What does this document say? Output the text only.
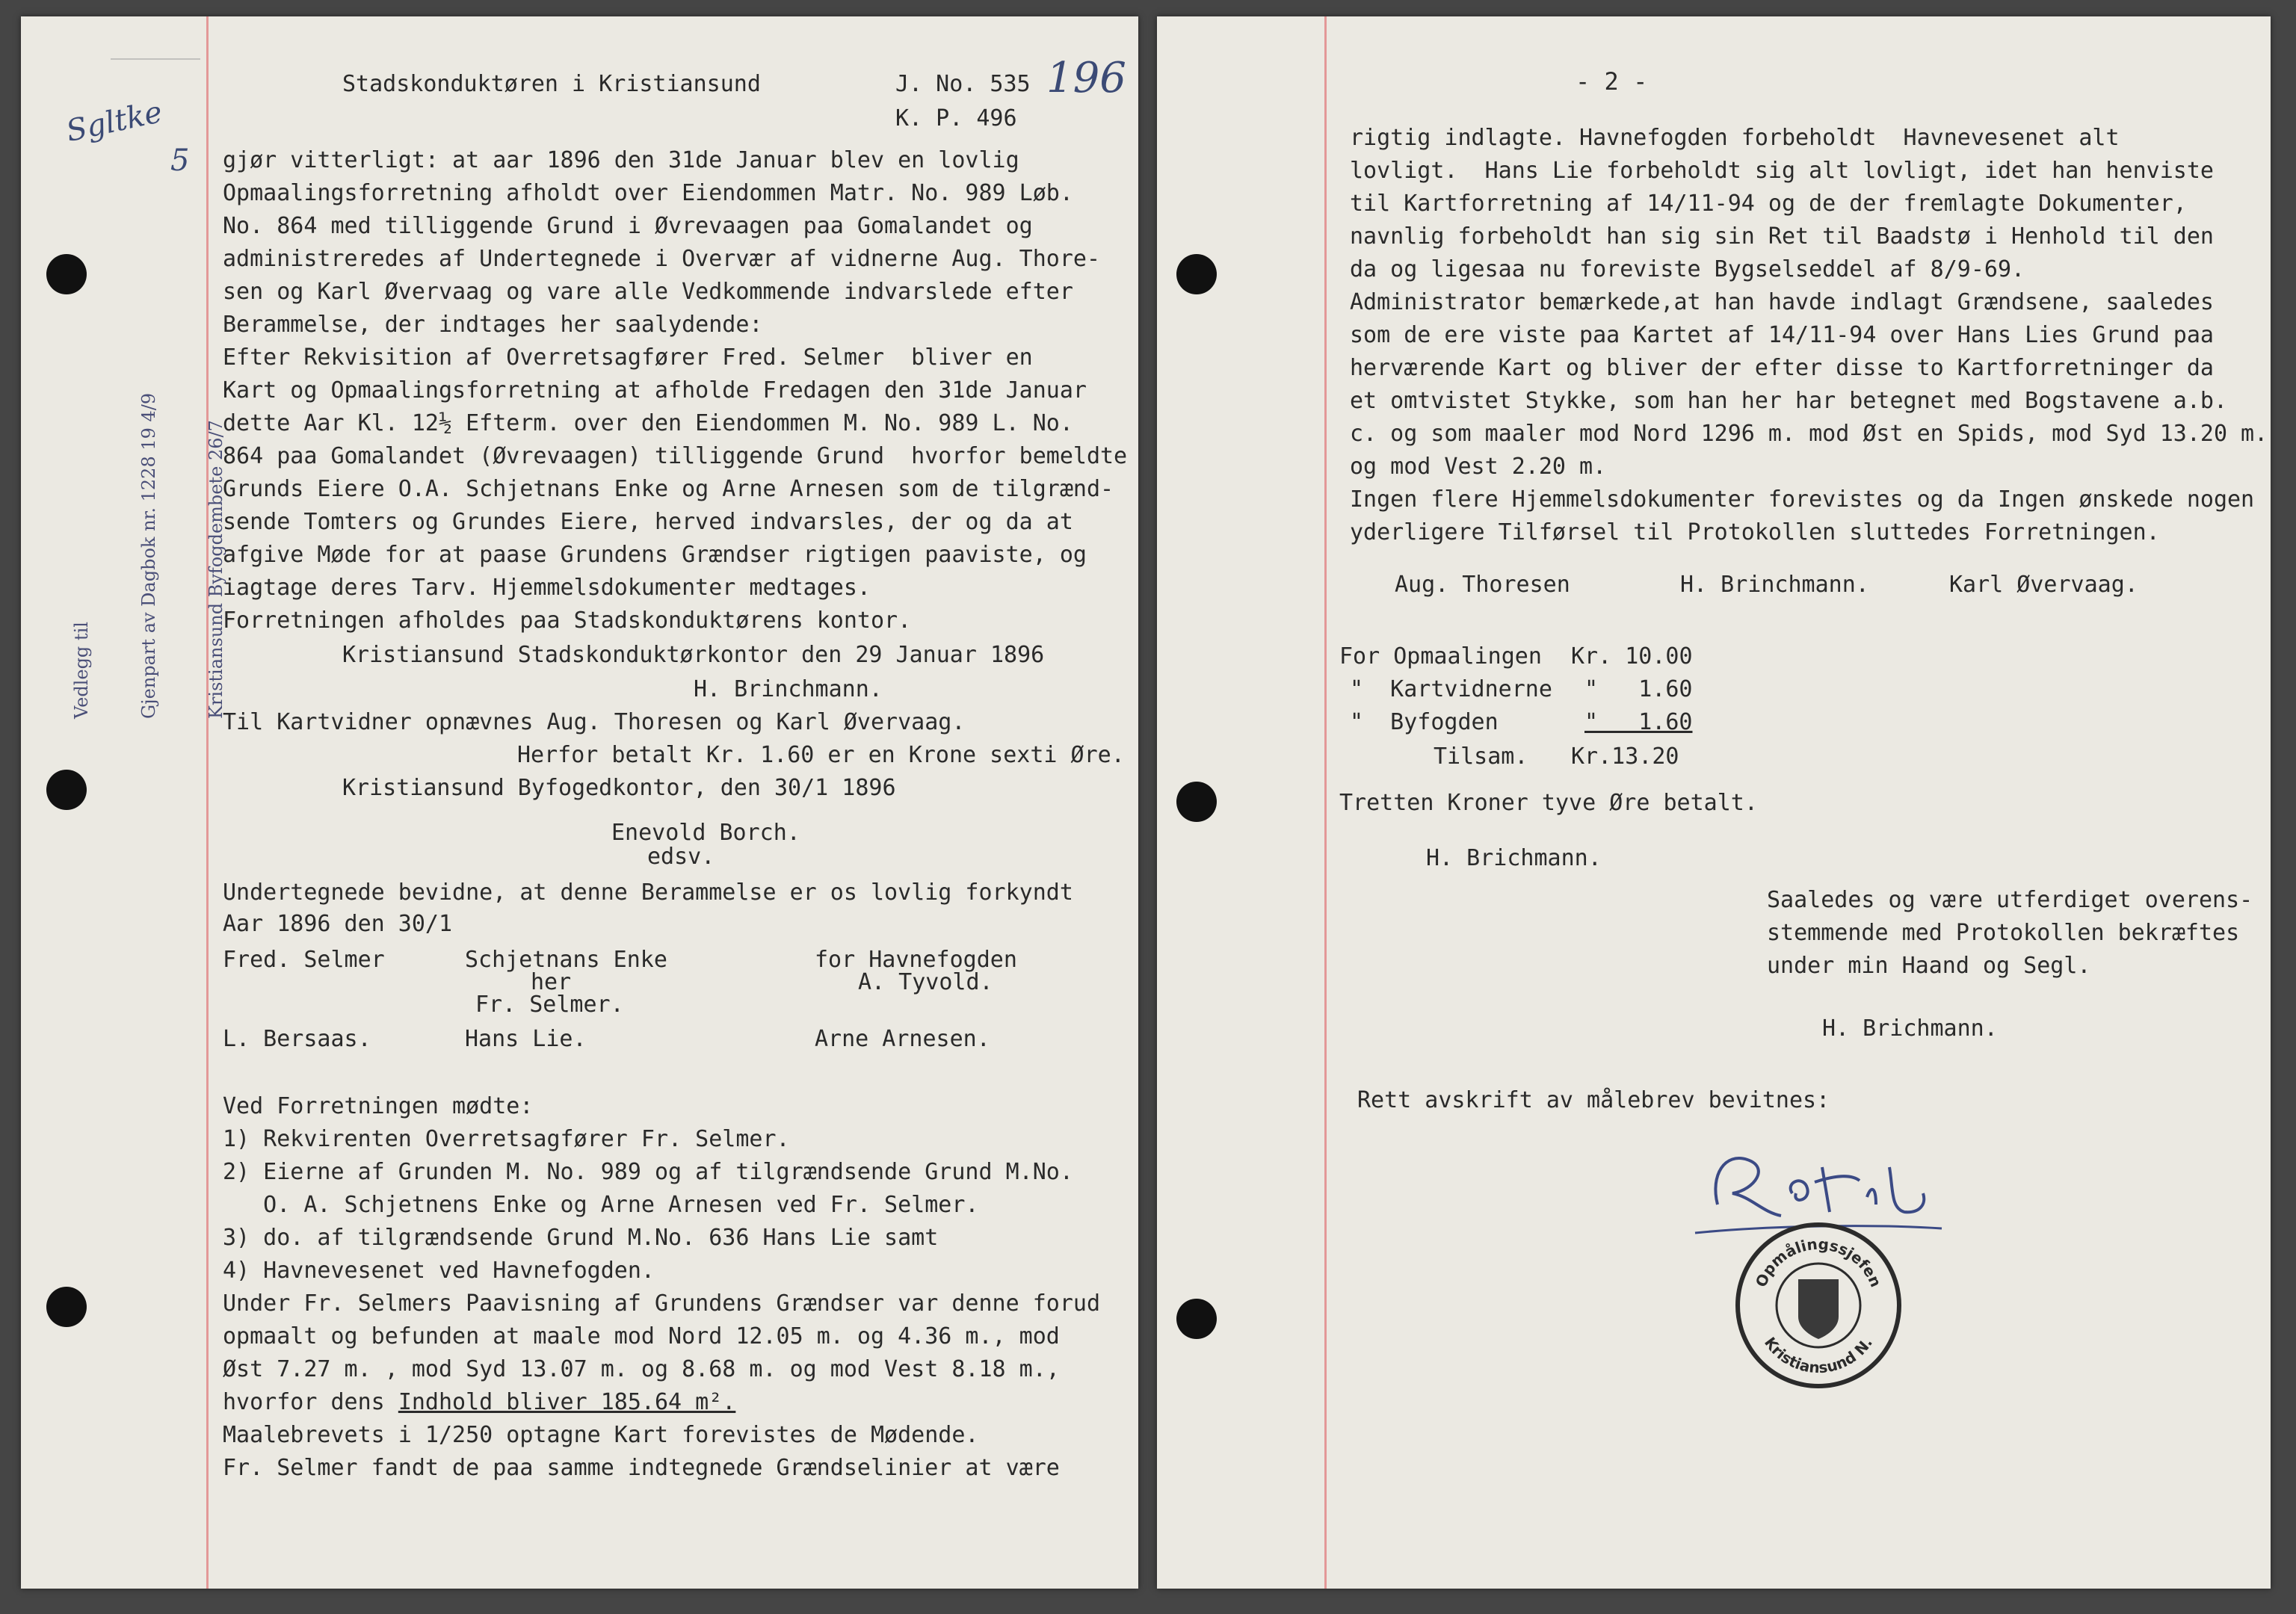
Sgltke
5

Vedlegg til

	Gjenpart av Dagbok nr. 1228 19 4/9

	Kristiansund Byfogdembete 26/7

Stadskonduktøren i Kristiansund	J. No. 535
K. P. 496
196
gjør vitterligt: at aar 1896 den 31de Januar blev en lovlig
Opmaalingsforretning afholdt over Eiendommen Matr. No. 989 Løb.
No. 864 med tilliggende Grund i Øvrevaagen paa Gomalandet og
administreredes af Undertegnede i Overvær af vidnerne Aug. Thore-
sen og Karl Øvervaag og vare alle Vedkommende indvarslede efter
Berammelse, der indtages her saalydende:
Efter Rekvisition af Overretsagfører Fred. Selmer  bliver en
Kart og Opmaalingsforretning at afholde Fredagen den 31de Januar
dette Aar Kl. 12½ Efterm. over den Eiendommen M. No. 989 L. No.
864 paa Gomalandet (Øvrevaagen) tilliggende Grund  hvorfor bemeldte
Grunds Eiere O.A. Schjetnans Enke og Arne Arnesen som de tilgrænd-
sende Tomters og Grundes Eiere, herved indvarsles, der og da at
afgive Møde for at paase Grundens Grændser rigtigen paaviste, og
iagtage deres Tarv. Hjemmelsdokumenter medtages.
Forretningen afholdes paa Stadskonduktørens kontor.
Kristiansund Stadskonduktørkontor den 29 Januar 1896
H. Brinchmann.
Til Kartvidner opnævnes Aug. Thoresen og Karl Øvervaag.
Herfor betalt Kr. 1.60 er en Krone sexti Øre.
Kristiansund Byfogedkontor, den 30/1 1896
Enevold Borch.
edsv.
Undertegnede bevidne, at denne Berammelse er os lovlig forkyndt
Aar 1896 den 30/1
Fred. Selmer	Schjetnans Enke
her
Fr. Selmer.
for Havnefogden
A. Tyvold.
L. Bersaas.	Hans Lie.	Arne Arnesen.
Ved Forretningen mødte:
1) Rekvirenten Overretsagfører Fr. Selmer.
2) Eierne af Grunden M. No. 989 og af tilgrændsende Grund M.No.
O. A. Schjetnens Enke og Arne Arnesen ved Fr. Selmer.
3) do. af tilgrændsende Grund M.No. 636 Hans Lie samt
4) Havnevesenet ved Havnefogden.
Under Fr. Selmers Paavisning af Grundens Grændser var denne forud
opmaalt og befunden at maale mod Nord 12.05 m. og 4.36 m., mod
Øst 7.27 m. , mod Syd 13.07 m. og 8.68 m. og mod Vest 8.18 m.,
hvorfor dens Indhold bliver 185.64 m².
Maalebrevets i 1/250 optagne Kart forevistes de Mødende.
Fr. Selmer fandt de paa samme indtegnede Grændselinier at være
- 2 -
rigtig indlagte. Havnefogden forbeholdt  Havnevesenet alt
lovligt.  Hans Lie forbeholdt sig alt lovligt, idet han henviste
til Kartforretning af 14/11-94 og de der fremlagte Dokumenter,
navnlig forbeholdt han sig sin Ret til Baadstø i Henhold til den
da og ligesaa nu foreviste Bygselseddel af 8/9-69.
Administrator bemærkede,at han havde indlagt Grændsene, saaledes
som de ere viste paa Kartet af 14/11-94 over Hans Lies Grund paa
herværende Kart og bliver der efter disse to Kartforretninger da
et omtvistet Stykke, som han her har betegnet med Bogstavene a.b.
c. og som maaler mod Nord 1296 m. mod Øst en Spids, mod Syd 13.20 m.
og mod Vest 2.20 m.
Ingen flere Hjemmelsdokumenter forevistes og da Ingen ønskede nogen
yderligere Tilførsel til Protokollen sluttedes Forretningen.
Aug. Thoresen	H. Brinchmann.	Karl Øvervaag.
For Opmaalingen Kr. 10.00
"  Kartvidnerne "   1.60
"  Byfogden	"   1.60
Tilsam. Kr.13.20
Tretten Kroner tyve Øre betalt.
H. Brichmann.
Saaledes og være utferdiget overens-
stemmende med Protokollen bekræftes
under min Haand og Segl.
H. Brichmann.
Rett avskrift av målebrev bevitnes:
Opmålingssjefen
Kristiansund N.
